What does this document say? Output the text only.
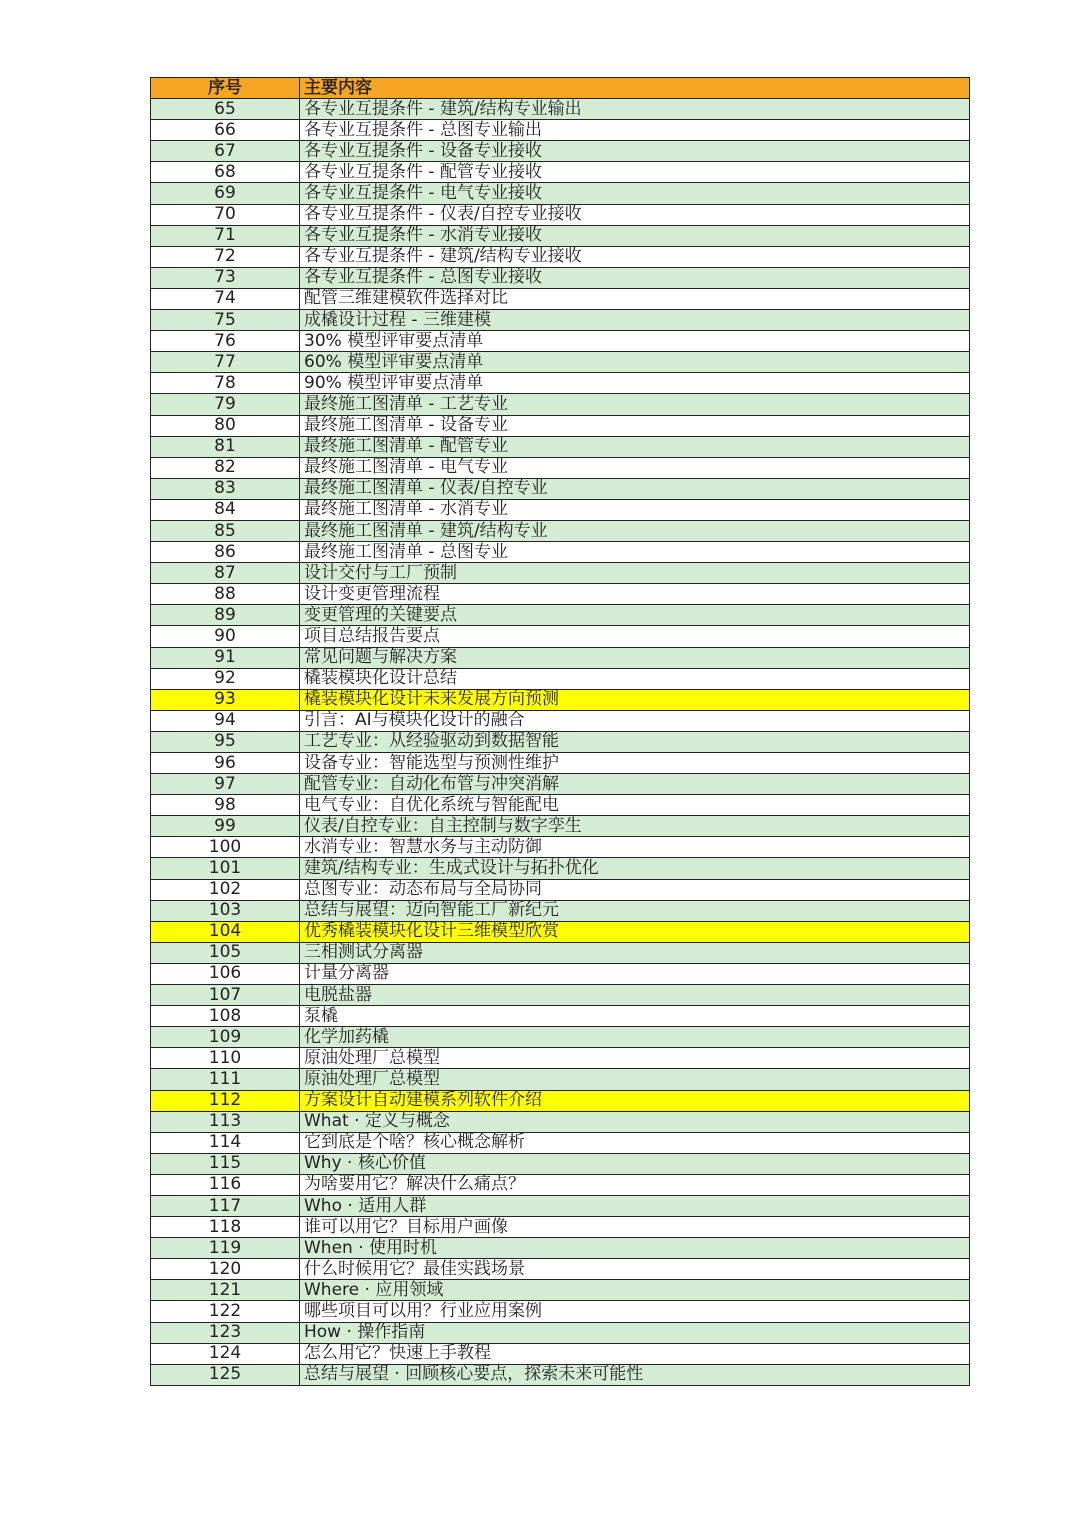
序号	主要内容
65	各专业互提条件 - 建筑/结构专业输出
66	各专业互提条件 - 总图专业输出
67	各专业互提条件 - 设备专业接收
68	各专业互提条件 - 配管专业接收
69	各专业互提条件 - 电气专业接收
70	各专业互提条件 - 仪表/自控专业接收
71	各专业互提条件 - 水消专业接收
72	各专业互提条件 - 建筑/结构专业接收
73	各专业互提条件 - 总图专业接收
74	配管三维建模软件选择对比
75	成橇设计过程 - 三维建模
76	30% 模型评审要点清单
77	60% 模型评审要点清单
78	90% 模型评审要点清单
79	最终施工图清单 - 工艺专业
80	最终施工图清单 - 设备专业
81	最终施工图清单 - 配管专业
82	最终施工图清单 - 电气专业
83	最终施工图清单 - 仪表/自控专业
84	最终施工图清单 - 水消专业
85	最终施工图清单 - 建筑/结构专业
86	最终施工图清单 - 总图专业
87	设计交付与工厂预制
88	设计变更管理流程
89	变更管理的关键要点
90	项目总结报告要点
91	常见问题与解决方案
92	橇装模块化设计总结
93	橇装模块化设计未来发展方向预测
94	引言：AI与模块化设计的融合
95	工艺专业：从经验驱动到数据智能
96	设备专业：智能选型与预测性维护
97	配管专业：自动化布管与冲突消解
98	电气专业：自优化系统与智能配电
99	仪表/自控专业：自主控制与数字孪生
100	水消专业：智慧水务与主动防御
101	建筑/结构专业：生成式设计与拓扑优化
102	总图专业：动态布局与全局协同
103	总结与展望：迈向智能工厂新纪元
104	优秀橇装模块化设计三维模型欣赏
105	三相测试分离器
106	计量分离器
107	电脱盐器
108	泵橇
109	化学加药橇
110	原油处理厂总模型
111	原油处理厂总模型
112	方案设计自动建模系列软件介绍
113	What · 定义与概念
114	它到底是个啥？核心概念解析
115	Why · 核心价值
116	为啥要用它？解决什么痛点？
117	Who · 适用人群
118	谁可以用它？目标用户画像
119	When · 使用时机
120	什么时候用它？最佳实践场景
121	Where · 应用领域
122	哪些项目可以用？行业应用案例
123	How · 操作指南
124	怎么用它？快速上手教程
125	总结与展望 · 回顾核心要点，探索未来可能性
